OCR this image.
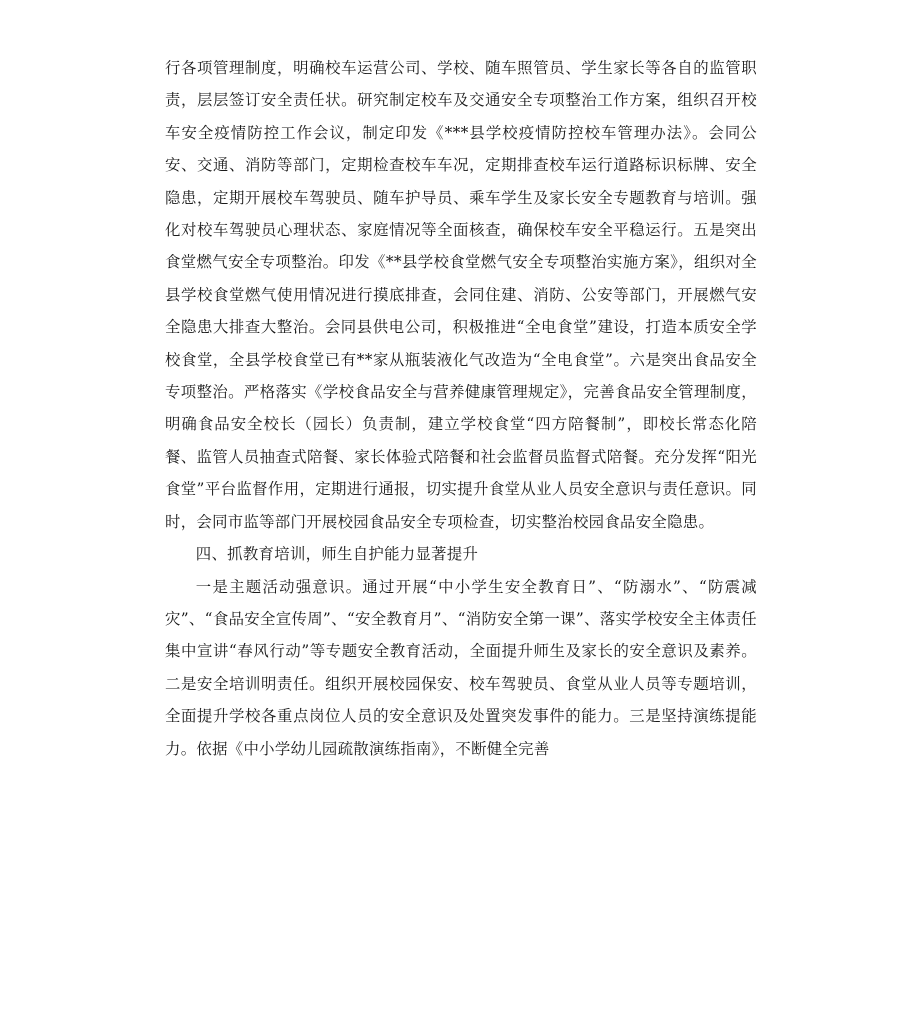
行各项管理制度，明确校车运营公司、学校、随车照管员、学生家长等各自的监管职责，层层签订安全责任状。研究制定校车及交通安全专项整治工作方案，组织召开校车安全疫情防控工作会议，制定印发《***县学校疫情防控校车管理办法》。会同公安、交通、消防等部门，定期检查校车车况，定期排查校车运行道路标识标牌、安全隐患，定期开展校车驾驶员、随车护导员、乘车学生及家长安全专题教育与培训。强化对校车驾驶员心理状态、家庭情况等全面核查，确保校车安全平稳运行。五是突出食堂燃气安全专项整治。印发《**县学校食堂燃气安全专项整治实施方案》，组织对全县学校食堂燃气使用情况进行摸底排查，会同住建、消防、公安等部门，开展燃气安全隐患大排查大整治。会同县供电公司，积极推进“全电食堂”建设，打造本质安全学校食堂，全县学校食堂已有**家从瓶装液化气改造为“全电食堂”。六是突出食品安全专项整治。严格落实《学校食品安全与营养健康管理规定》，完善食品安全管理制度，明确食品安全校长（园长）负责制，建立学校食堂“四方陪餐制”，即校长常态化陪餐、监管人员抽查式陪餐、家长体验式陪餐和社会监督员监督式陪餐。充分发挥“阳光食堂”平台监督作用，定期进行通报，切实提升食堂从业人员安全意识与责任意识。同时，会同市监等部门开展校园食品安全专项检查，切实整治校园食品安全隐患。

四、抓教育培训，师生自护能力显著提升

一是主题活动强意识。通过开展“中小学生安全教育日”、“防溺水”、“防震减灾”、“食品安全宣传周”、“安全教育月”、“消防安全第一课”、落实学校安全主体责任集中宣讲“春风行动”等专题安全教育活动，全面提升师生及家长的安全意识及素养。二是安全培训明责任。组织开展校园保安、校车驾驶员、食堂从业人员等专题培训，全面提升学校各重点岗位人员的安全意识及处置突发事件的能力。三是坚持演练提能力。依据《中小学幼儿园疏散演练指南》，不断健全完善
